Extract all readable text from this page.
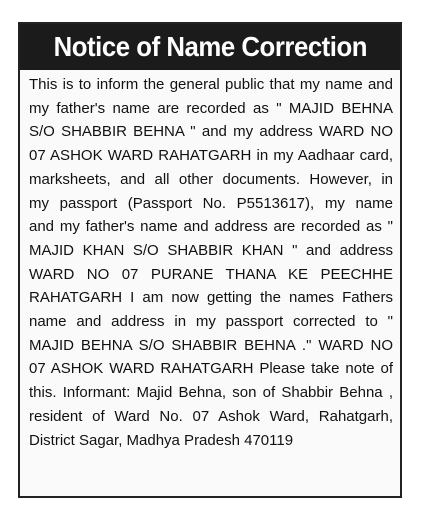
Notice of Name Correction
This is to inform the general public that my name and
my father's name are recorded as " MAJID BEHNA
S/O SHABBIR BEHNA " and my address WARD NO
07 ASHOK WARD RAHATGARH in my Aadhaar card,
marksheets, and all other documents. However, in
my passport (Passport No. P5513617), my name
and my father's name and address are recorded as "
MAJID KHAN S/O SHABBIR KHAN " and address
WARD NO 07 PURANE THANA KE PEECHHE
RAHATGARH I am now getting the names Fathers
name and address in my passport corrected to "
MAJID BEHNA S/O SHABBIR BEHNA ." WARD NO
07 ASHOK WARD RAHATGARH Please take note of
this. Informant: Majid Behna, son of Shabbir Behna ,
resident of Ward No. 07 Ashok Ward, Rahatgarh,
District Sagar, Madhya Pradesh 470119
